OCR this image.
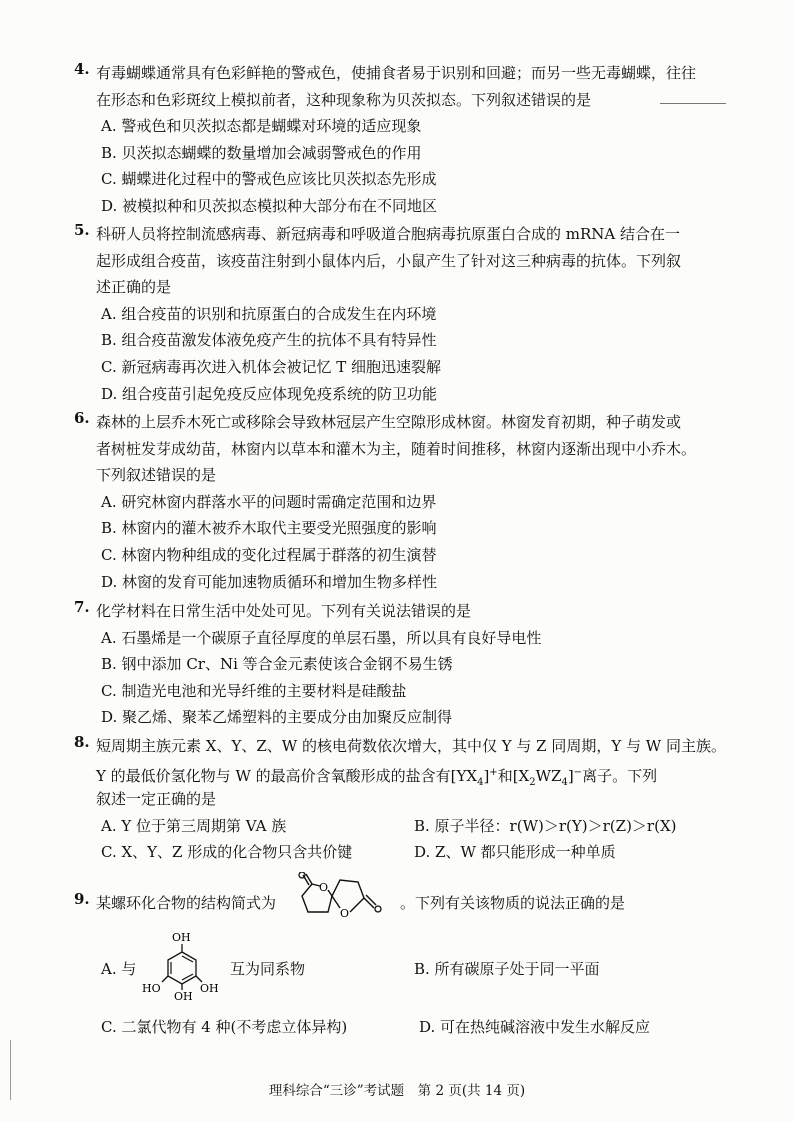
4. 有毒蝴蝶通常具有色彩鲜艳的警戒色，使捕食者易于识别和回避；而另一些无毒蝴蝶，往往
在形态和色彩斑纹上模拟前者，这种现象称为贝茨拟态。下列叙述错误的是
A. 警戒色和贝茨拟态都是蝴蝶对环境的适应现象
B. 贝茨拟态蝴蝶的数量增加会减弱警戒色的作用
C. 蝴蝶进化过程中的警戒色应该比贝茨拟态先形成
D. 被模拟种和贝茨拟态模拟种大部分布在不同地区
5. 科研人员将控制流感病毒、新冠病毒和呼吸道合胞病毒抗原蛋白合成的 mRNA 结合在一
起形成组合疫苗，该疫苗注射到小鼠体内后，小鼠产生了针对这三种病毒的抗体。下列叙
述正确的是
A. 组合疫苗的识别和抗原蛋白的合成发生在内环境
B. 组合疫苗激发体液免疫产生的抗体不具有特异性
C. 新冠病毒再次进入机体会被记忆 T 细胞迅速裂解
D. 组合疫苗引起免疫反应体现免疫系统的防卫功能
6. 森林的上层乔木死亡或移除会导致林冠层产生空隙形成林窗。林窗发育初期，种子萌发或
者树桩发芽成幼苗，林窗内以草本和灌木为主，随着时间推移，林窗内逐渐出现中小乔木。
下列叙述错误的是
A. 研究林窗内群落水平的问题时需确定范围和边界
B. 林窗内的灌木被乔木取代主要受光照强度的影响
C. 林窗内物种组成的变化过程属于群落的初生演替
D. 林窗的发育可能加速物质循环和增加生物多样性
7. 化学材料在日常生活中处处可见。下列有关说法错误的是
A. 石墨烯是一个碳原子直径厚度的单层石墨，所以具有良好导电性
B. 钢中添加 Cr、Ni 等合金元素使该合金钢不易生锈
C. 制造光电池和光导纤维的主要材料是硅酸盐
D. 聚乙烯、聚苯乙烯塑料的主要成分由加聚反应制得
8. 短周期主族元素 X、Y、Z、W 的核电荷数依次增大，其中仅 Y 与 Z 同周期，Y 与 W 同主族。
Y 的最低价氢化物与 W 的最高价含氧酸形成的盐含有$[YX_4]^+$和$[X_2WZ_4]^-$离子。下列
叙述一定正确的是
A. Y 位于第三周期第 VA 族	B. 原子半径：r(W)＞r(Y)＞r(Z)＞r(X)
C. X、Y、Z 形成的化合物只含共价键	D. Z、W 都只能形成一种单质
9. 某螺环化合物的结构简式为
O
O
。下列有关该物质的说法正确的是
A. 与
OH
HO	OH
OH
互为同系物	B. 所有碳原子处于同一平面
C. 二氯代物有 4 种(不考虑立体异构)	D. 可在热纯碱溶液中发生水解反应
理科综合“三诊”考试题　第 2 页(共 14 页)
